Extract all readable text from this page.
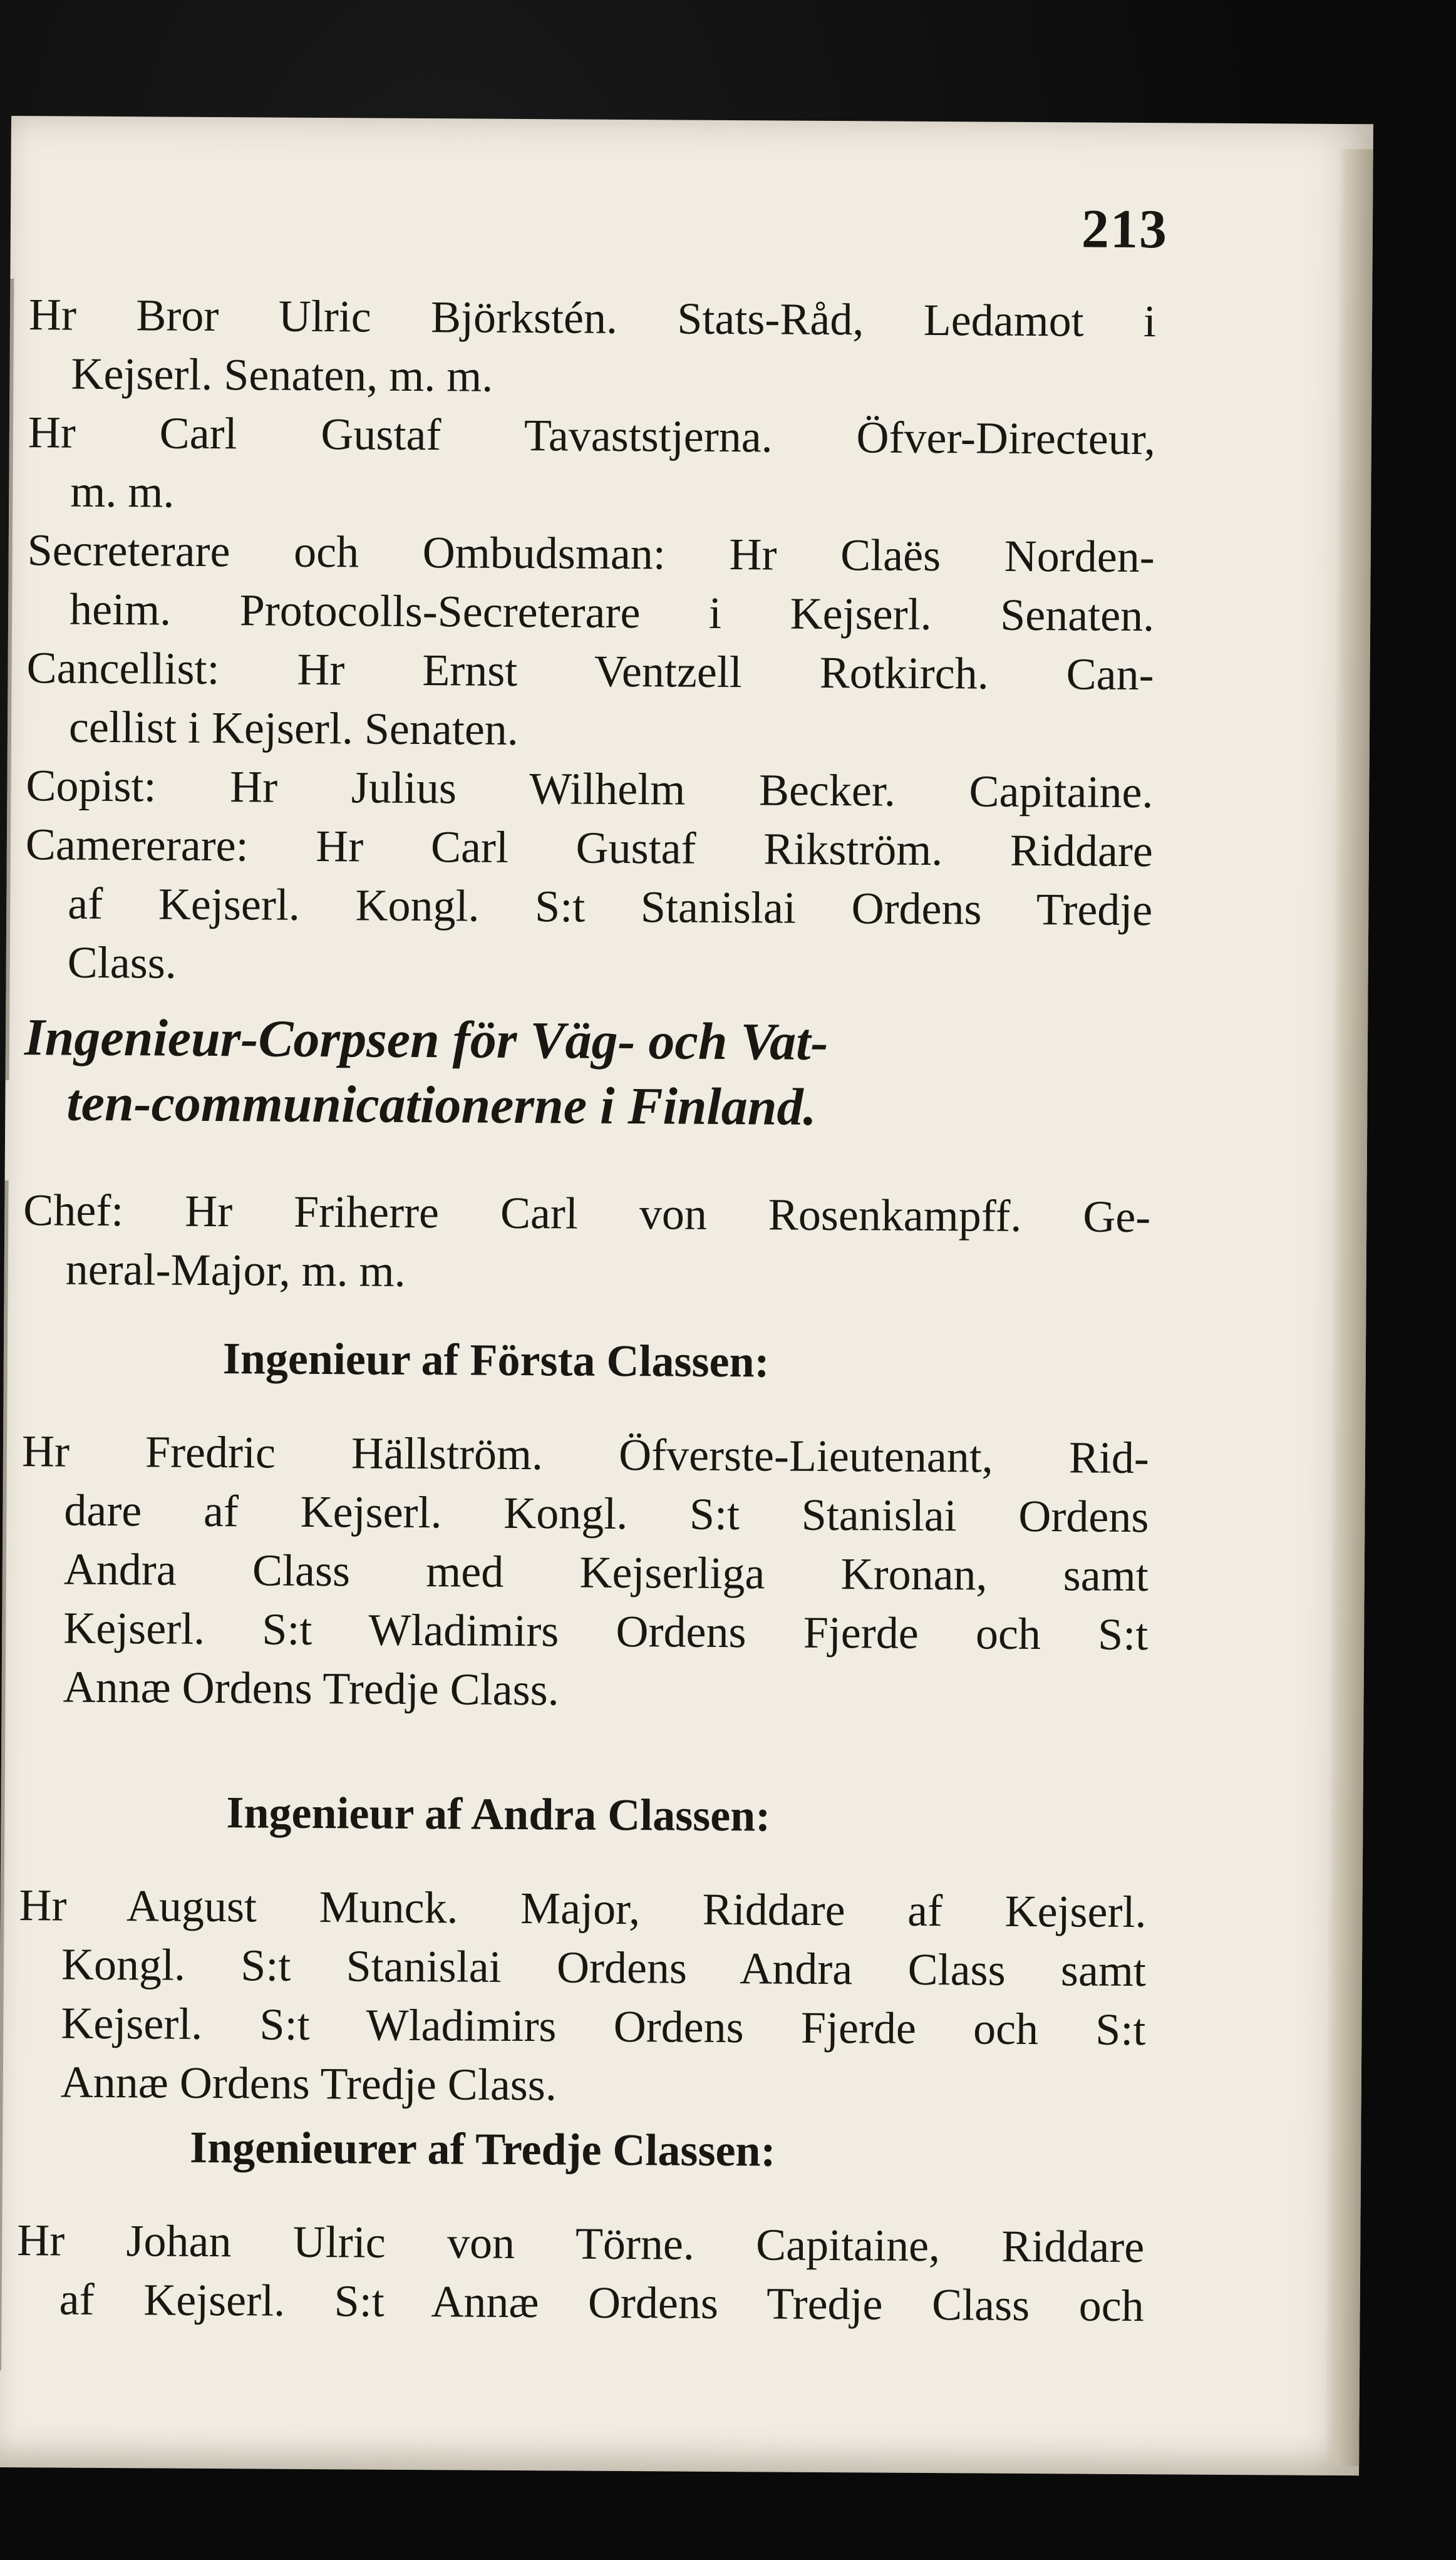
213

Hr Bror Ulric Björkstén. Stats-Råd, Ledamot i
Kejserl. Senaten, m. m.

Hr Carl Gustaf Tavaststjerna. Öfver-Directeur,
m. m.

Secreterare och Ombudsman: Hr Claës Norden-
heim. Protocolls-Secreterare i Kejserl. Senaten.

Cancellist: Hr Ernst Ventzell Rotkirch. Can-
cellist i Kejserl. Senaten.

Copist: Hr Julius Wilhelm Becker. Capitaine.

Camererare: Hr Carl Gustaf Rikström. Riddare
af Kejserl. Kongl. S:t Stanislai Ordens Tredje
Class.

Ingenieur-Corpsen för Väg- och Vat-
ten-communicationerne i Finland.

Chef: Hr Friherre Carl von Rosenkampff. Ge-
neral-Major, m. m.

Ingenieur af Första Classen:

Hr Fredric Hällström. Öfverste-Lieutenant, Rid-
dare af Kejserl. Kongl. S:t Stanislai Ordens
Andra Class med Kejserliga Kronan, samt
Kejserl. S:t Wladimirs Ordens Fjerde och S:t
Annæ Ordens Tredje Class.

Ingenieur af Andra Classen:

Hr August Munck. Major, Riddare af Kejserl.
Kongl. S:t Stanislai Ordens Andra Class samt
Kejserl. S:t Wladimirs Ordens Fjerde och S:t
Annæ Ordens Tredje Class.

Ingenieurer af Tredje Classen:

Hr Johan Ulric von Törne. Capitaine, Riddare
af Kejserl. S:t Annæ Ordens Tredje Class och
